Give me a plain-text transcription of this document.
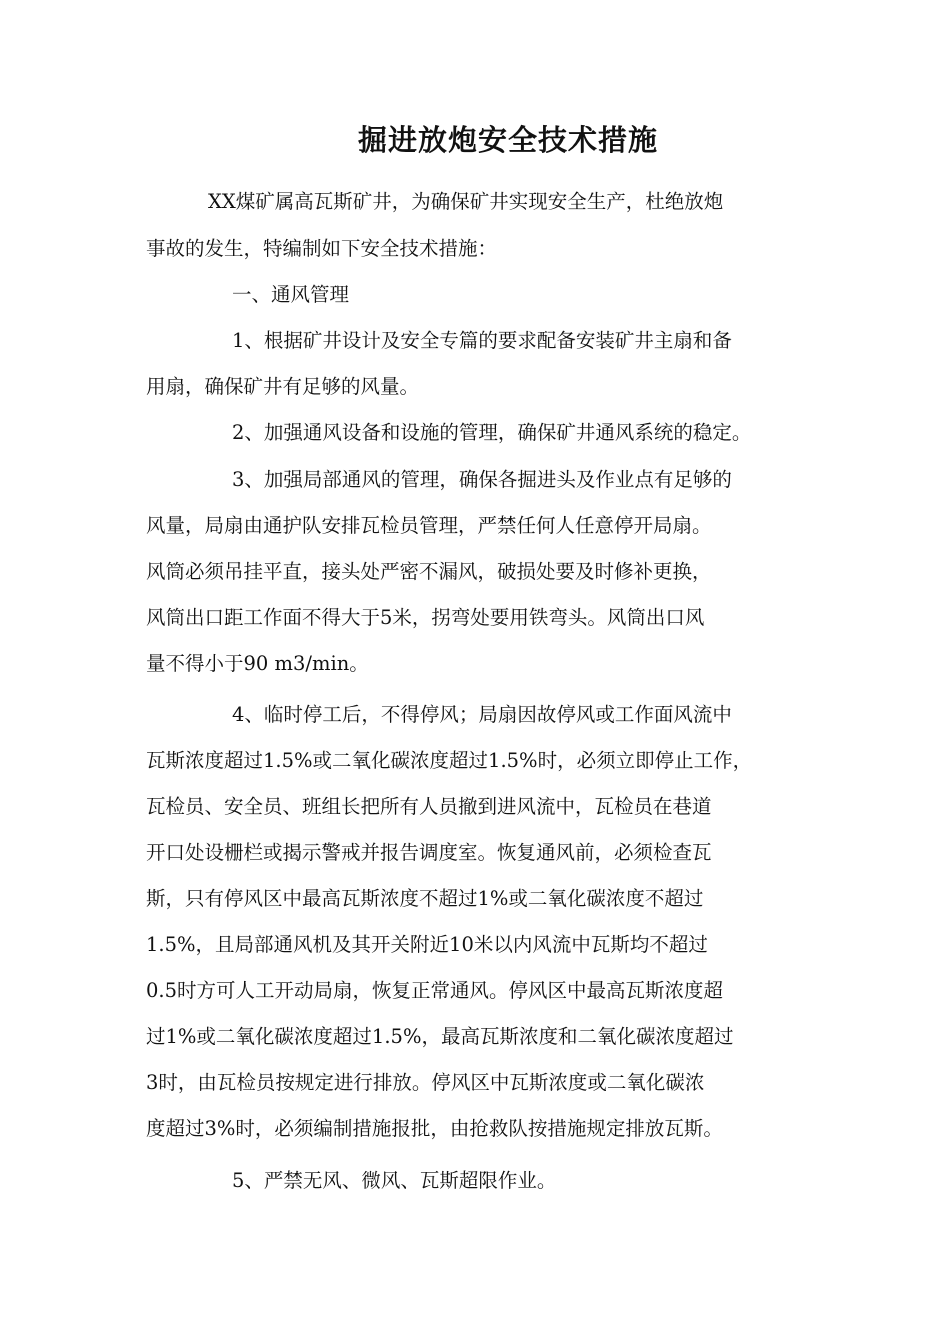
掘进放炮安全技术措施

XX煤矿属高瓦斯矿井，为确保矿井实现安全生产，杜绝放炮

事故的发生，特编制如下安全技术措施：

一、通风管理

1、根据矿井设计及安全专篇的要求配备安装矿井主扇和备

用扇，确保矿井有足够的风量。

2、加强通风设备和设施的管理，确保矿井通风系统的稳定。

3、加强局部通风的管理，确保各掘进头及作业点有足够的

风量，局扇由通护队安排瓦检员管理，严禁任何人任意停开局扇。

风筒必须吊挂平直，接头处严密不漏风，破损处要及时修补更换，

风筒出口距工作面不得大于5米，拐弯处要用铁弯头。风筒出口风

量不得小于90 m3/min。

4、临时停工后，不得停风；局扇因故停风或工作面风流中

瓦斯浓度超过1.5%或二氧化碳浓度超过1.5%时，必须立即停止工作，

瓦检员、安全员、班组长把所有人员撤到进风流中，瓦检员在巷道

开口处设栅栏或揭示警戒并报告调度室。恢复通风前，必须检查瓦

斯，只有停风区中最高瓦斯浓度不超过1%或二氧化碳浓度不超过

1.5%，且局部通风机及其开关附近10米以内风流中瓦斯均不超过

0.5时方可人工开动局扇，恢复正常通风。停风区中最高瓦斯浓度超

过1%或二氧化碳浓度超过1.5%，最高瓦斯浓度和二氧化碳浓度超过

3时，由瓦检员按规定进行排放。停风区中瓦斯浓度或二氧化碳浓

度超过3%时，必须编制措施报批，由抢救队按措施规定排放瓦斯。

5、严禁无风、微风、瓦斯超限作业。
